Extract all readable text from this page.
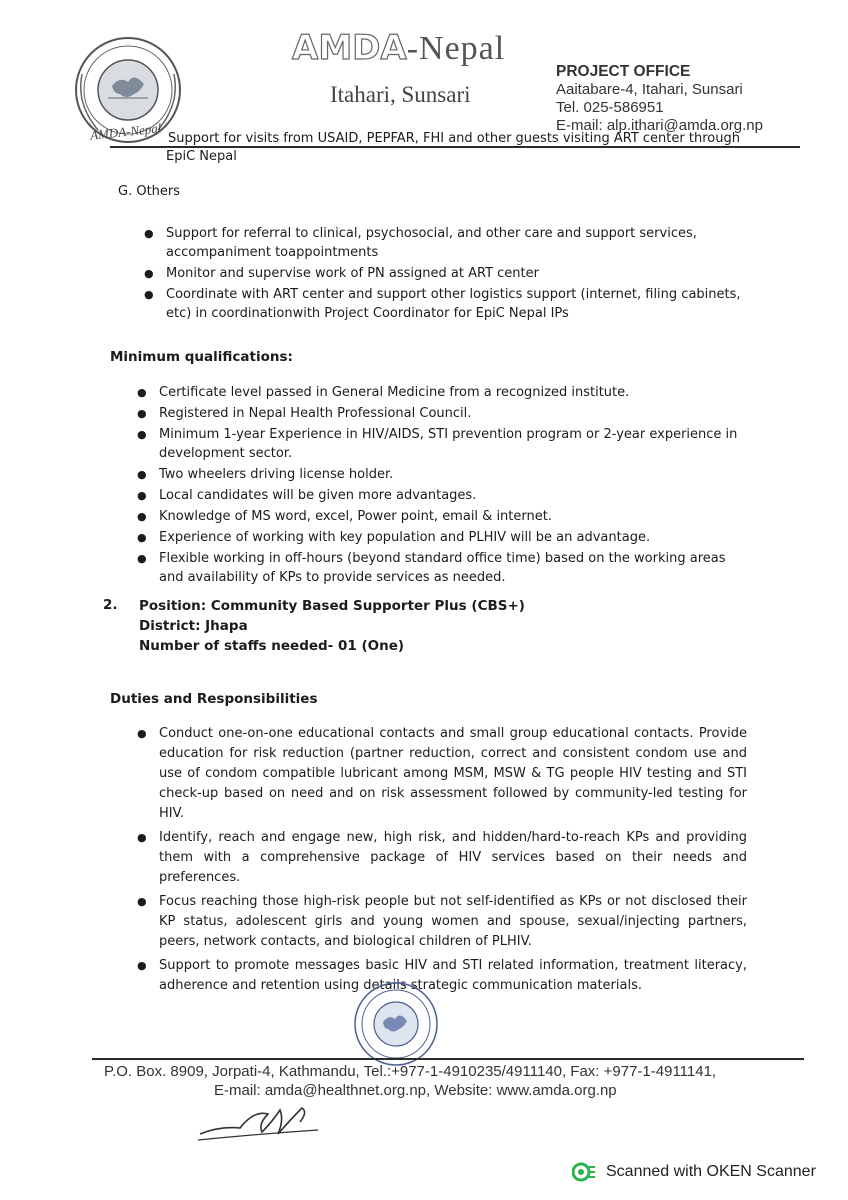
AMDA-Nepal
Itahari, Sunsari
PROJECT OFFICE
Aaitabare-4, Itahari, Sunsari
Tel. 025-586951
E-mail: alp.ithari@amda.org.np
AMDA-Nepal Support for visits from USAID, PEPFAR, FHI and other guests visiting ART center through
EpiC Nepal
G. Others
● Support for referral to clinical, psychosocial, and other care and support services, accompaniment toappointments
● Monitor and supervise work of PN assigned at ART center
● Coordinate with ART center and support other logistics support (internet, filing cabinets, etc) in coordinationwith Project Coordinator for EpiC Nepal IPs
Minimum qualifications:
● Certificate level passed in General Medicine from a recognized institute.
● Registered in Nepal Health Professional Council.
● Minimum 1-year Experience in HIV/AIDS, STI prevention program or 2-year experience in development sector.
● Two wheelers driving license holder.
● Local candidates will be given more advantages.
● Knowledge of MS word, excel, Power point, email & internet.
● Experience of working with key population and PLHIV will be an advantage.
● Flexible working in off-hours (beyond standard office time) based on the working areas and availability of KPs to provide services as needed.
2. Position: Community Based Supporter Plus (CBS+)
District: Jhapa
Number of staffs needed- 01 (One)
Duties and Responsibilities
● Conduct one-on-one educational contacts and small group educational contacts. Provide education for risk reduction (partner reduction, correct and consistent condom use and use of condom compatible lubricant among MSM, MSW & TG people HIV testing and STI check-up based on need and on risk assessment followed by community-led testing for HIV.
● Identify, reach and engage new, high risk, and hidden/hard-to-reach KPs and providing them with a comprehensive package of HIV services based on their needs and preferences.
● Focus reaching those high-risk people but not self-identified as KPs or not disclosed their KP status, adolescent girls and young women and spouse, sexual/injecting partners, peers, network contacts, and biological children of PLHIV.
● Support to promote messages basic HIV and STI related information, treatment literacy, adherence and retention using details strategic communication materials.
P.O. Box. 8909, Jorpati-4, Kathmandu, Tel.:+977-1-4910235/4911140, Fax: +977-1-4911141,
E-mail: amda@healthnet.org.np, Website: www.amda.org.np
Scanned with OKEN Scanner
